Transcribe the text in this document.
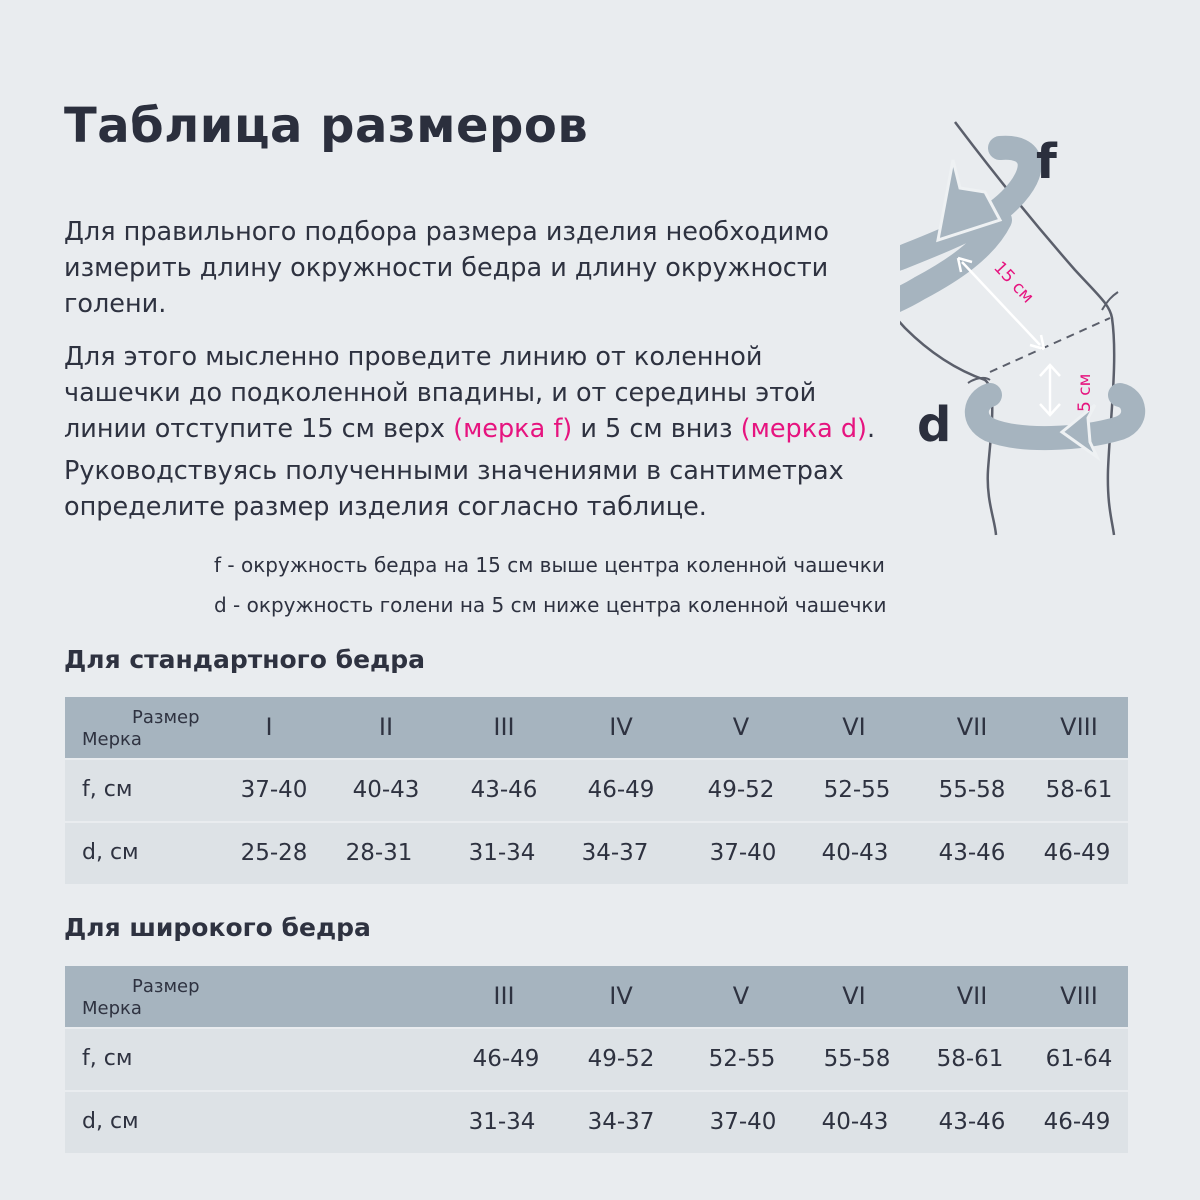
Таблица размеров

Для правильного подбора размера изделия необходимо измерить длину окружности бедра и длину окружности голени.

Для этого мысленно проведите линию от коленной чашечки до подколенной впадины, и от середины этой линии отступите 15 см верх (мерка f) и 5 см вниз (мерка d).

Руководствуясь полученными значениями в сантиметрах определите размер изделия согласно таблице.

f
d
15 см
5 см
f - окружность бедра на 15 см выше центра коленной чашечки
d - окружность голени на 5 см ниже центра коленной чашечки
Для стандартного бедра
Размер
Мерка	I	II	III	IV	V	VI	VII	VIII
f, см	37-40	40-43	43-46	46-49	49-52	52-55	55-58	58-61
d, см	25-28	28-31	31-34	34-37	37-40	40-43	43-46	46-49
Для широкого бедра
Размер
Мерка	III	IV	V	VI	VII	VIII
f, см	46-49	49-52	52-55	55-58	58-61	61-64
d, см	31-34	34-37	37-40	40-43	43-46	46-49
